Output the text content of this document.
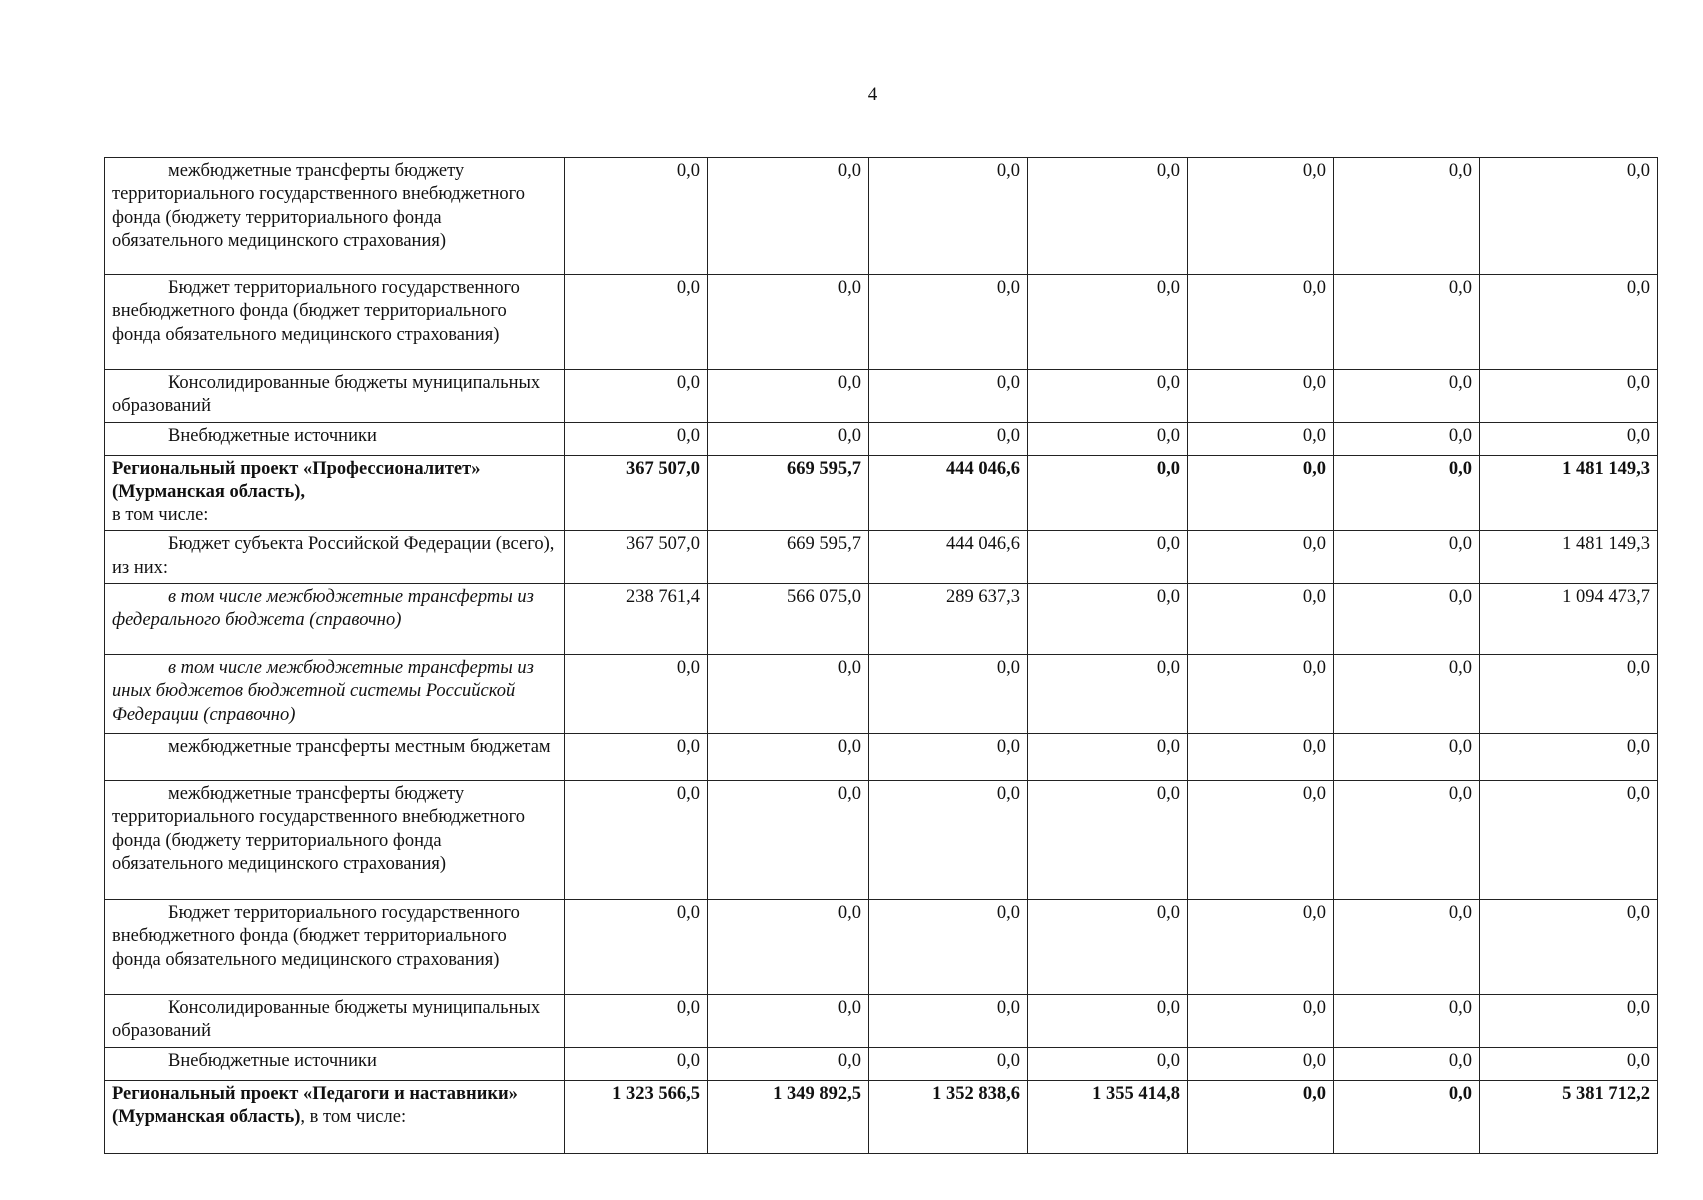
4
межбюджетные трансферты бюджету территориального государственного внебюджетного фонда (бюджету территориального фонда обязательного медицинского страхования)	0,0	0,0	0,0	0,0	0,0	0,0	0,0
Бюджет территориального государственного внебюджетного фонда (бюджет территориального фонда обязательного медицинского страхования)	0,0	0,0	0,0	0,0	0,0	0,0	0,0
Консолидированные бюджеты муниципальных образований	0,0	0,0	0,0	0,0	0,0	0,0	0,0
Внебюджетные источники	0,0	0,0	0,0	0,0	0,0	0,0	0,0
Региональный проект «Профессионалитет» (Мурманская область),
в том числе:	367 507,0	669 595,7	444 046,6	0,0	0,0	0,0	1 481 149,3
Бюджет субъекта Российской Федерации (всего), из них:	367 507,0	669 595,7	444 046,6	0,0	0,0	0,0	1 481 149,3
в том числе межбюджетные трансферты из федерального бюджета (справочно)	238 761,4	566 075,0	289 637,3	0,0	0,0	0,0	1 094 473,7
в том числе межбюджетные трансферты из иных бюджетов бюджетной системы Российской Федерации (справочно)	0,0	0,0	0,0	0,0	0,0	0,0	0,0
межбюджетные трансферты местным бюджетам	0,0	0,0	0,0	0,0	0,0	0,0	0,0
межбюджетные трансферты бюджету территориального государственного внебюджетного фонда (бюджету территориального фонда обязательного медицинского страхования)	0,0	0,0	0,0	0,0	0,0	0,0	0,0
Бюджет территориального государственного внебюджетного фонда (бюджет территориального фонда обязательного медицинского страхования)	0,0	0,0	0,0	0,0	0,0	0,0	0,0
Консолидированные бюджеты муниципальных образований	0,0	0,0	0,0	0,0	0,0	0,0	0,0
Внебюджетные источники	0,0	0,0	0,0	0,0	0,0	0,0	0,0
Региональный проект «Педагоги и наставники» (Мурманская область), в том числе:	1 323 566,5	1 349 892,5	1 352 838,6	1 355 414,8	0,0	0,0	5 381 712,2
